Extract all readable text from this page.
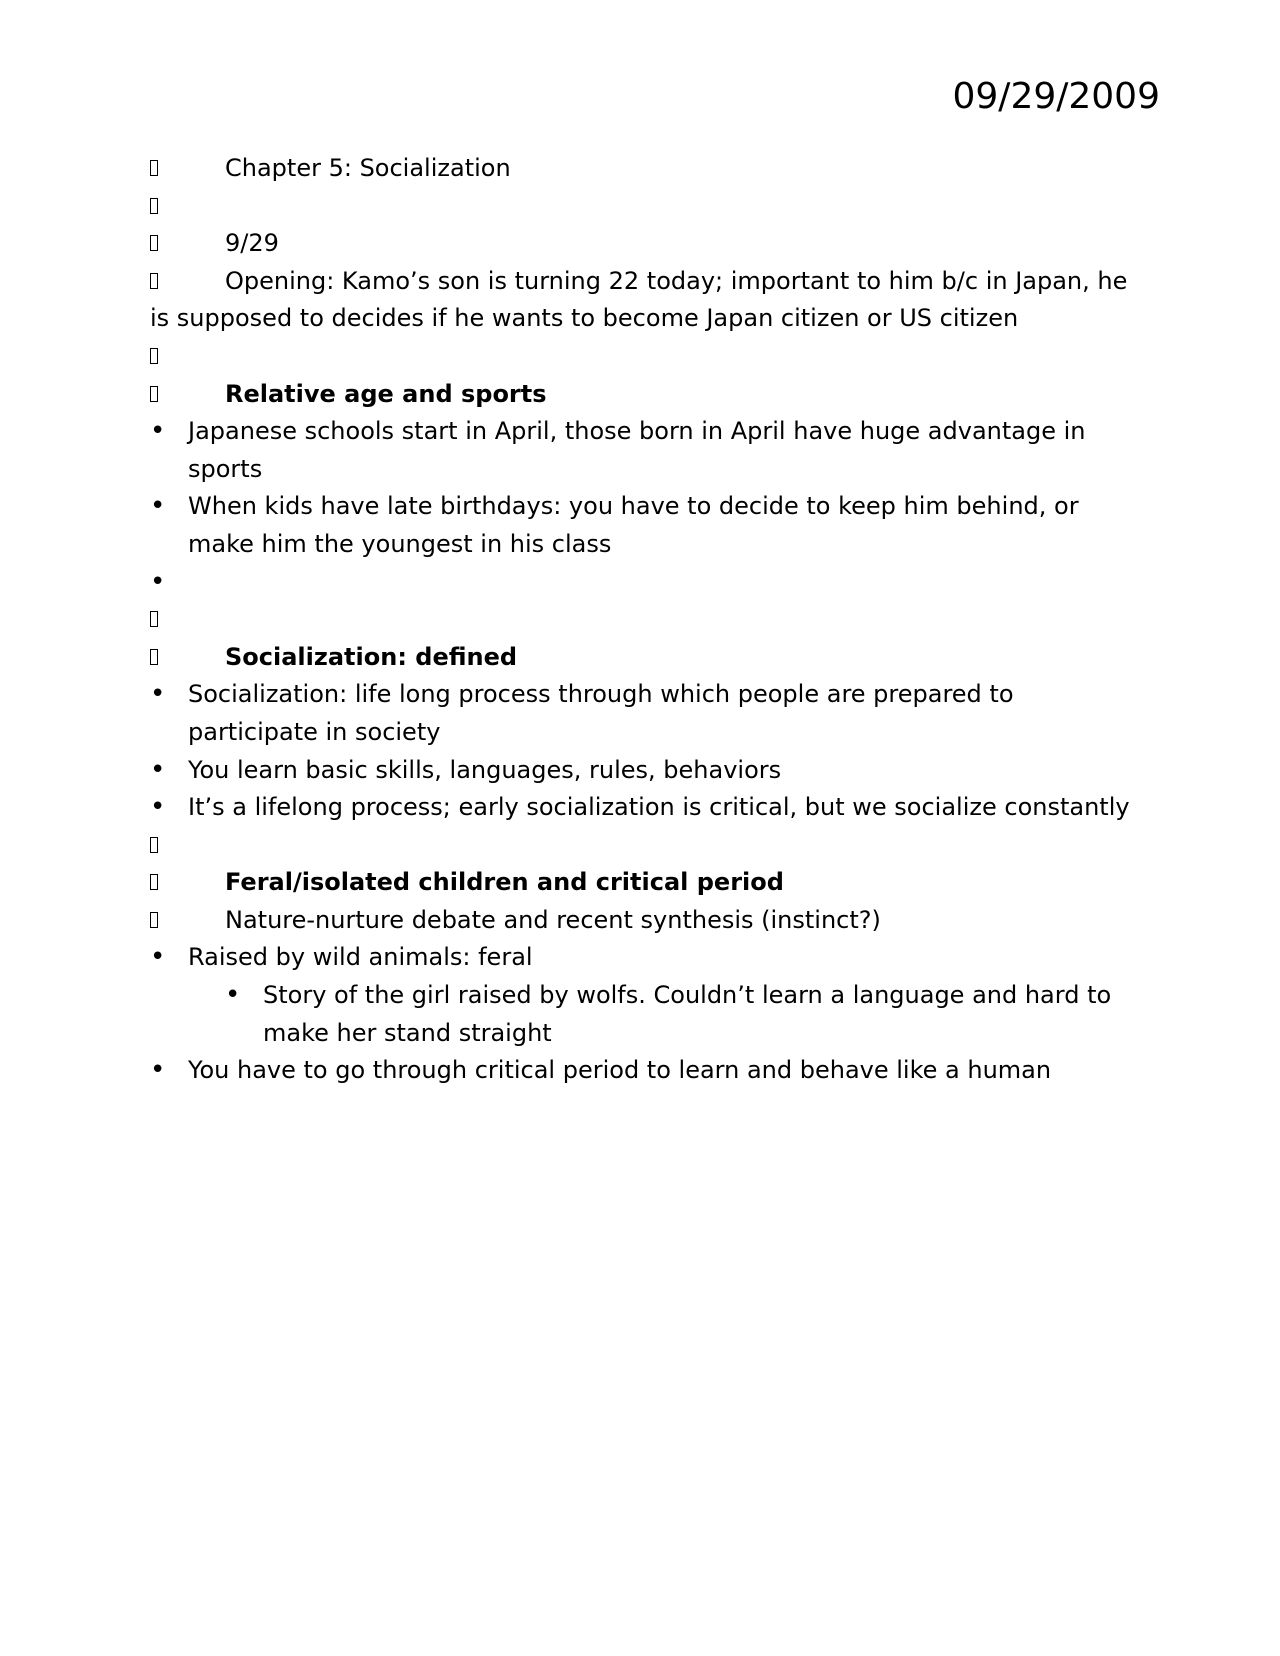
09/29/2009
Chapter 5: Socialization
9/29
Opening: Kamo’s son is turning 22 today; important to him b/c in Japan, he is supposed to decides if he wants to become Japan citizen or US citizen
Relative age and sports
• Japanese schools start in April, those born in April have huge advantage in sports
• When kids have late birthdays: you have to decide to keep him behind, or make him the youngest in his class
•
Socialization: defined
• Socialization: life long process through which people are prepared to participate in society
• You learn basic skills, languages, rules, behaviors
• It’s a lifelong process; early socialization is critical, but we socialize constantly
Feral/isolated children and critical period
Nature-nurture debate and recent synthesis (instinct?)
• Raised by wild animals: feral
• Story of the girl raised by wolfs. Couldn’t learn a language and hard to make her stand straight
• You have to go through critical period to learn and behave like a human
